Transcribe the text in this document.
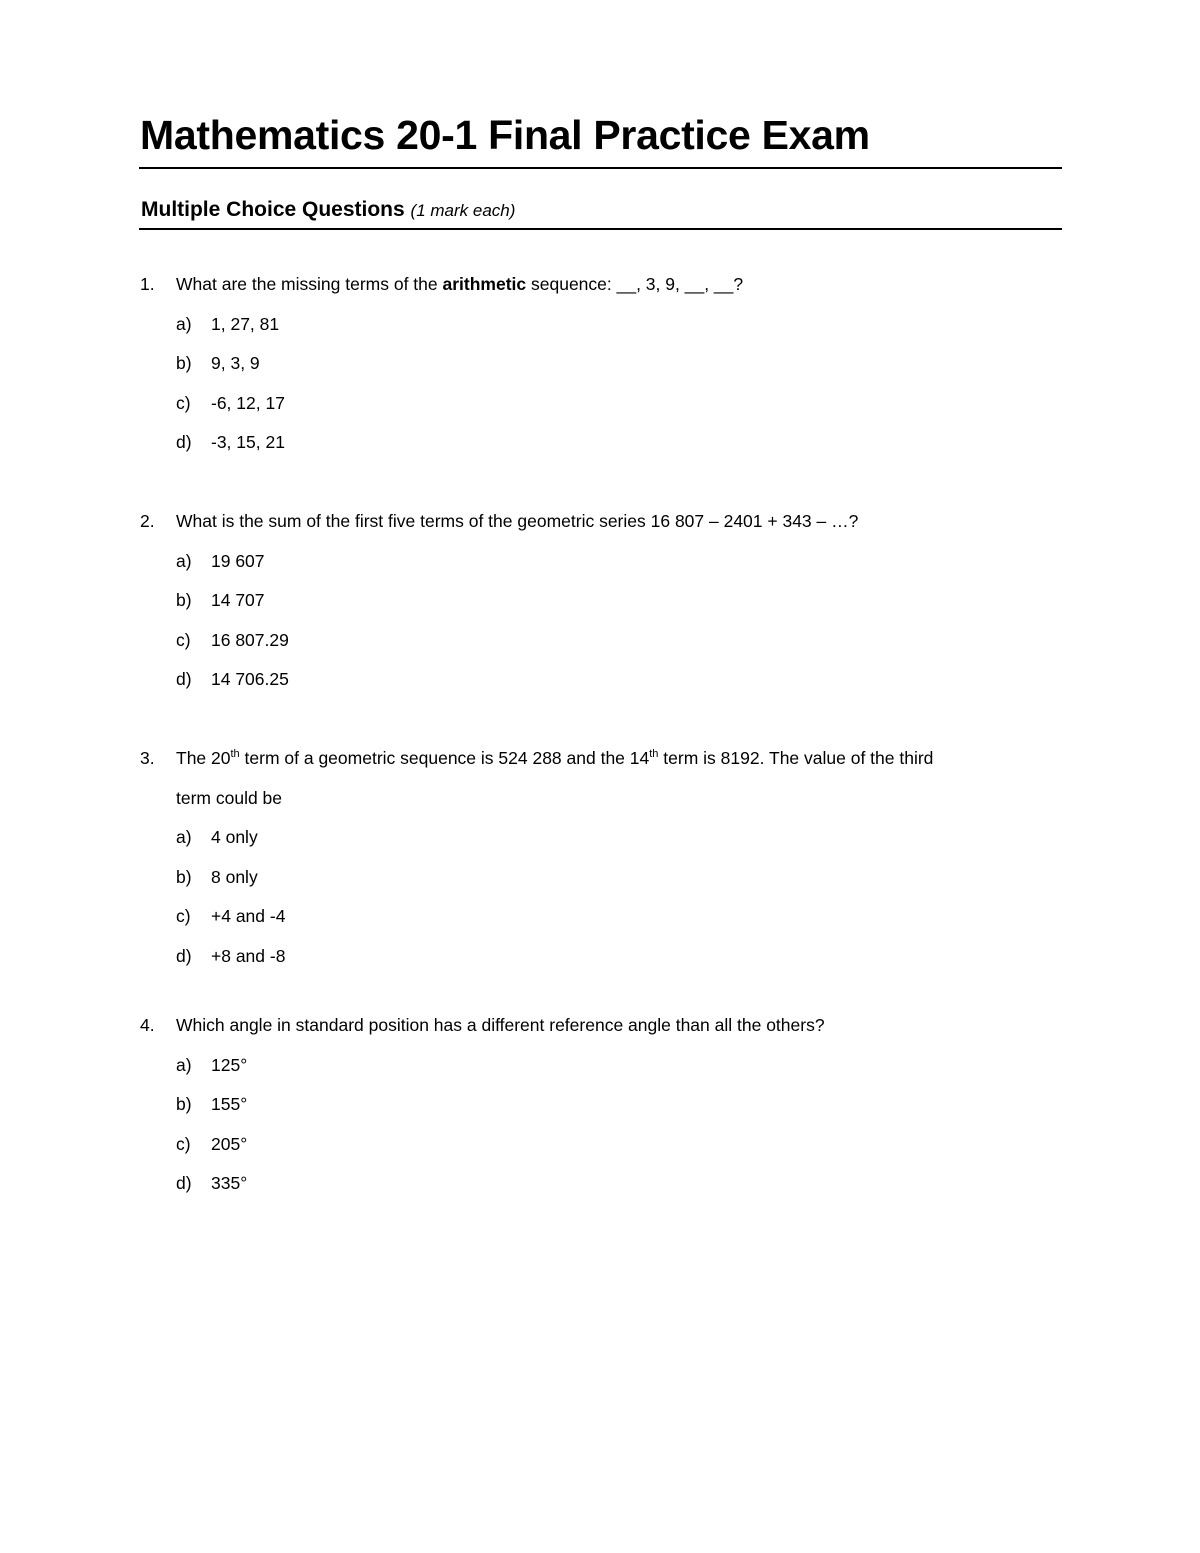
Mathematics 20-1 Final Practice Exam
Multiple Choice Questions (1 mark each)
1.	What are the missing terms of the arithmetic sequence: __, 3, 9, __, __?
a)	1, 27, 81
b)	9, 3, 9
c)	-6, 12, 17
d)	-3, 15, 21
2.	What is the sum of the first five terms of the geometric series 16 807 – 2401 + 343 – …?
a)	19 607
b)	14 707
c)	16 807.29
d)	14 706.25
3.	The 20th term of a geometric sequence is 524 288 and the 14th term is 8192. The value of the third
term could be
a)	4 only
b)	8 only
c)	+4 and -4
d)	+8 and -8
4.	Which angle in standard position has a different reference angle than all the others?
a)	125°
b)	155°
c)	205°
d)	335°
